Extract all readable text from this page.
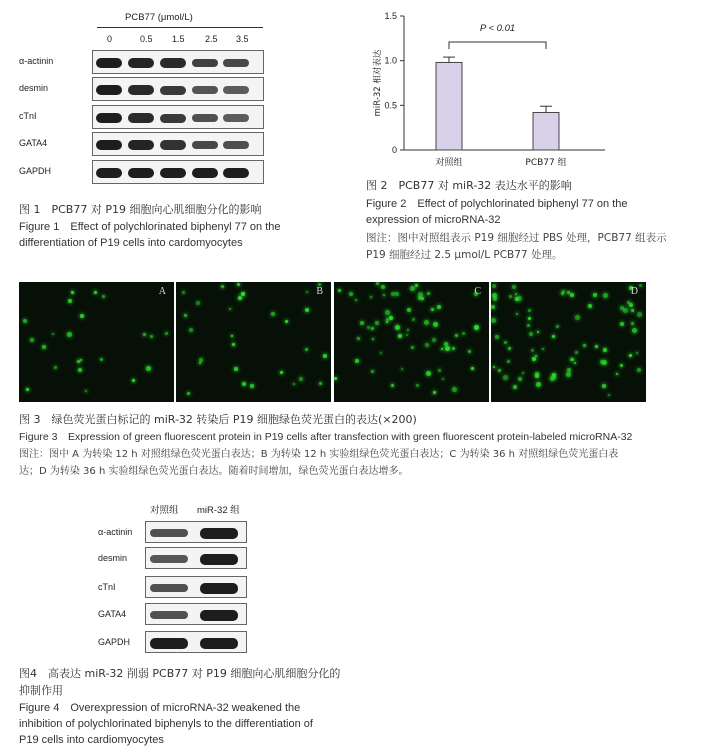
PCB77 (μmol/L)
0	0.5 1.5 2.5 3.5
α-actinin
desmin
cTnI
GATA4
GAPDH
图 1　PCB77 对 P19 细胞向心肌细胞分化的影响
Figure 1　Effect of polychlorinated biphenyl 77 on the
differentiation of P19 cells into cardomyocytes
0
0.5
1.0
1.5
miR-32 相对表达
对照组	PCB77 组
P < 0.01
图 2　PCB77 对 miR-32 表达水平的影响
Figure 2　Effect of polychlorinated biphenyl 77 on the
expression of microRNA-32
图注：图中对照组表示 P19 细胞经过 PBS 处理，PCB77 组表示
P19 细胞经过 2.5 μmol/L PCB77 处理。
A	B	C	D
图 3　绿色荧光蛋白标记的 miR-32 转染后 P19 细胞绿色荧光蛋白的表达(×200)
Figure 3　Expression of green fluorescent protein in P19 cells after transfection with green fluorescent protein-labeled microRNA-32
图注：图中 A 为转染 12 h 对照组绿色荧光蛋白表达；B 为转染 12 h 实验组绿色荧光蛋白表达；C 为转染 36 h 对照组绿色荧光蛋白表
达；D 为转染 36 h 实验组绿色荧光蛋白表达。随着时间增加，绿色荧光蛋白表达增多。
对照组 miR-32 组
α-actinin
desmin
cTnI
GATA4
GAPDH
图4　高表达 miR-32 削弱 PCB77 对 P19 细胞向心肌细胞分化的
抑制作用
Figure 4　Overexpression of microRNA-32 weakened the
inhibition of polychlorinated biphenyls to the differentiation of
P19 cells into cardiomyocytes
